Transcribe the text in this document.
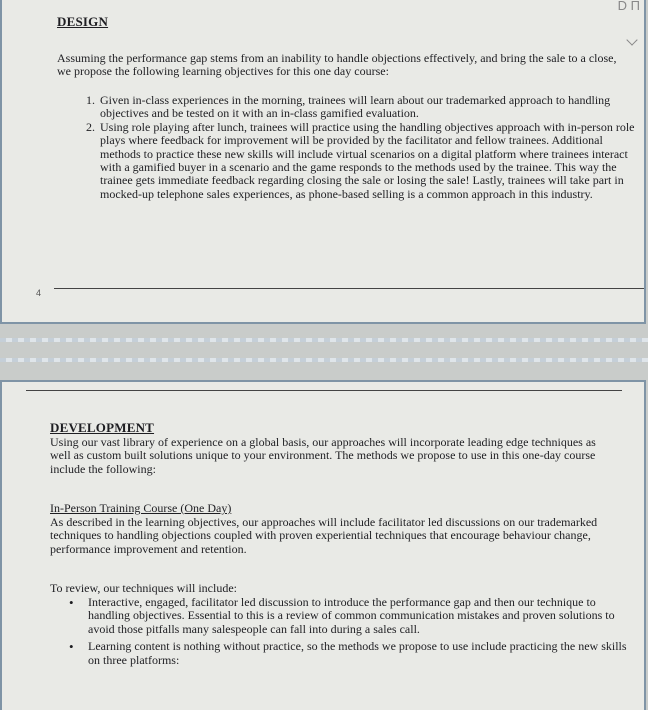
D П
DESIGN

Assuming the performance gap stems from an inability to handle objections effectively, and bring the sale to a close, we propose the following learning objectives for this one day course:

1. Given in-class experiences in the morning, trainees will learn about our trademarked approach to handling objectives and be tested on it with an in-class gamified evaluation.
2. Using role playing after lunch, trainees will practice using the handling objectives approach with in-person role plays where feedback for improvement will be provided by the facilitator and fellow trainees. Additional methods to practice these new skills will include virtual scenarios on a digital platform where trainees interact with a gamified buyer in a scenario and the game responds to the methods used by the trainee. This way the trainee gets immediate feedback regarding closing the sale or losing the sale! Lastly, trainees will take part in mocked-up telephone sales experiences, as phone-based selling is a common approach in this industry.
4
DEVELOPMENT

Using our vast library of experience on a global basis, our approaches will incorporate leading edge techniques as well as custom built solutions unique to your environment. The methods we propose to use in this one-day course include the following:

In-Person Training Course (One Day)

As described in the learning objectives, our approaches will include facilitator led discussions on our trademarked techniques to handling objections coupled with proven experiential techniques that encourage behaviour change, performance improvement and retention.

To review, our techniques will include:

• Interactive, engaged, facilitator led discussion to introduce the performance gap and then our technique to handling objectives. Essential to this is a review of common communication mistakes and proven solutions to avoid those pitfalls many salespeople can fall into during a sales call.
• Learning content is nothing without practice, so the methods we propose to use include practicing the new skills on three platforms:
